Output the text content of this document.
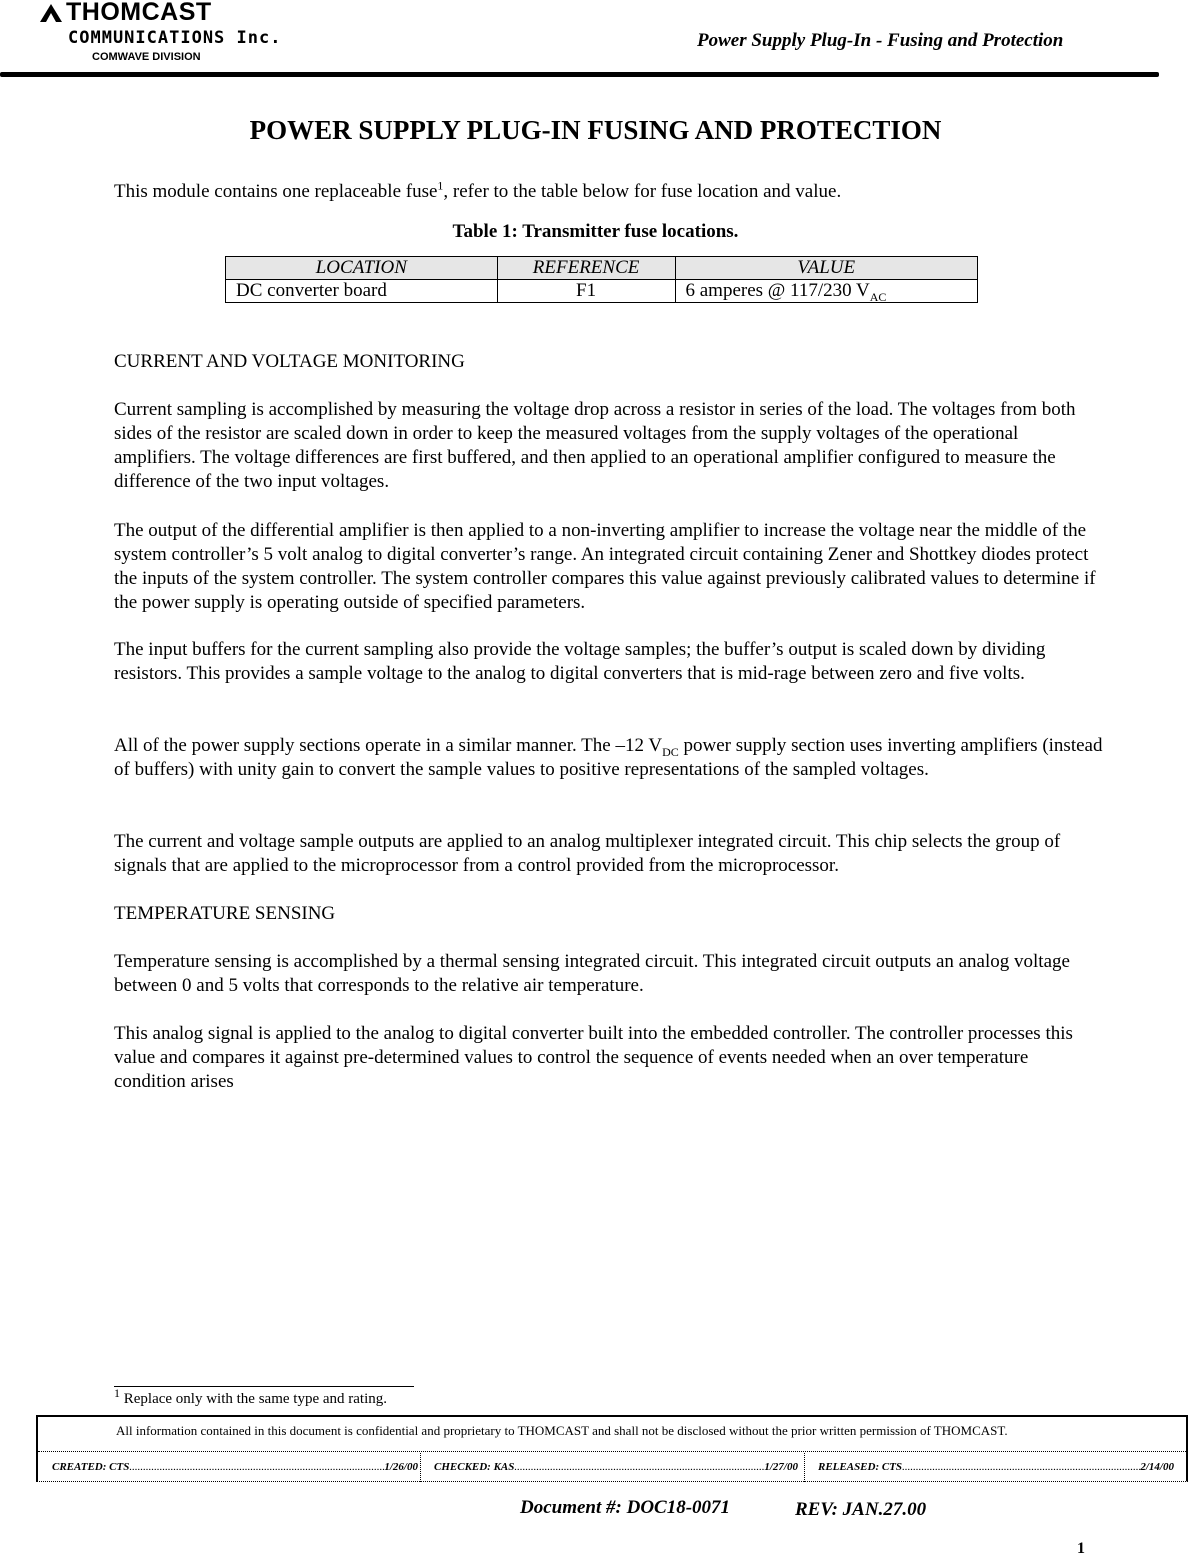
THOMCAST
COMMUNICATIONS Inc.
COMWAVE DIVISION
Power Supply Plug-In - Fusing and Protection
POWER SUPPLY PLUG-IN FUSING AND PROTECTION
This module contains one replaceable fuse$^1$, refer to the table below for fuse location and value.
Table 1: Transmitter fuse locations.
LOCATION	REFERENCE	VALUE
DC converter board	F1	6 amperes @ 117/230 $V_{AC}$
CURRENT AND VOLTAGE MONITORING
Current sampling is accomplished by measuring the voltage drop across a resistor in series of the load. The voltages from both sides of the resistor are scaled down in order to keep the measured voltages from the supply voltages of the operational amplifiers. The voltage differences are first buffered, and then applied to an operational amplifier configured to measure the difference of the two input voltages.
The output of the differential amplifier is then applied to a non-inverting amplifier to increase the voltage near the middle of the system controller’s 5 volt analog to digital converter’s range. An integrated circuit containing Zener and Shottkey diodes protect the inputs of the system controller. The system controller compares this value against previously calibrated values to determine if the power supply is operating outside of specified parameters.
The input buffers for the current sampling also provide the voltage samples; the buffer’s output is scaled down by dividing resistors. This provides a sample voltage to the analog to digital converters that is mid-rage between zero and five volts.
All of the power supply sections operate in a similar manner. The –12 $V_{DC}$ power supply section uses inverting amplifiers (instead of buffers) with unity gain to convert the sample values to positive representations of the sampled voltages.
The current and voltage sample outputs are applied to an analog multiplexer integrated circuit. This chip selects the group of signals that are applied to the microprocessor from a control provided from the microprocessor.
TEMPERATURE SENSING
Temperature sensing is accomplished by a thermal sensing integrated circuit. This integrated circuit outputs an analog voltage between 0 and 5 volts that corresponds to the relative air temperature.
This analog signal is applied to the analog to digital converter built into the embedded controller. The controller processes this value and compares it against pre-determined values to control the sequence of events needed when an over temperature condition arises
$^1$ Replace only with the same type and rating.
All information contained in this document is confidential and proprietary to THOMCAST and shall not be disclosed without the prior written permission of THOMCAST.
CREATED: CTS .....	1/26/00 CHECKED: KAS .....	1/27/00 RELEASED: CTS .....	2/14/00
Document #: DOC18-0071	REV: JAN.27.00
1
